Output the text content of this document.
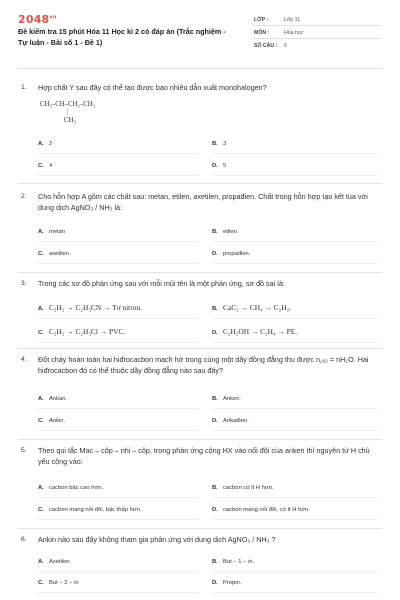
$2048^{vn}$
Đề kiểm tra 15 phút Hóa 11 Học kì 2 có đáp án (Trắc nghiệm - Tự luận - Bài số 1 - Đề 1)
LỚP :	Lớp 11
MÔN :	Hóa học
SỐ CÂU : 6
1. Hợp chất Y sau đây có thể tạo được bao nhiêu dẫn xuất monohalogen?
CH₃–CH–CH₂–CH₃
|
CH₃
A. 2	B. 3
C. 4	D. 5
2. Cho hỗn hợp A gồm các chất sau: metan, etilen, axetilen, propađien. Chất trong hỗn hợp tạo kết tủa với dung dịch AgNO₃ / NH₃ là:
A. metan	B. etilen.
C. axetilen.	D. propađien.
3. Trong các sơ đồ phản ứng sau với mỗi mũi tên là một phản ứng, sơ đồ sai là:
A. C₂H₂ → C₂H₃CN → Tơ nitron.	B. CaC₂ → CH₄ → C₂H₂.
C. C₂H₂ → C₂H₃Cl → PVC.	D. C₂H₅OH → C₂H₄ → PE.
4. Đốt cháy hoàn toàn hai hiđrocacbon mạch hở trong cùng một dãy đồng đẳng thu được n꜀ₒ₂ = nH₂O. Hai hiđrocacbon đó có thể thuộc dãy đồng đẳng nào sau đây?
A. Ankan.	B. Anken.
C. Ankin.	D. Ankađien.
5. Theo qui tắc Mac – côp – nhi – côp, trong phản ứng cộng HX vào nối đôi của anken thì nguyên tử H chủ yếu cộng vào:
A. cacbon bậc cao hơn.	B. cacbon có ít H hơn.
C. cacbon mang nối đôi, bậc thấp hơn.	D. cacbon mang nối đôi, có ít H hơn.
6. Ankin nào sau đây không tham gia phản ứng với dung dịch AgNO₃ / NH₃ ?
A. Axetilen	B. But − 1 − in.
C. But − 2 − in	D. Propin.
